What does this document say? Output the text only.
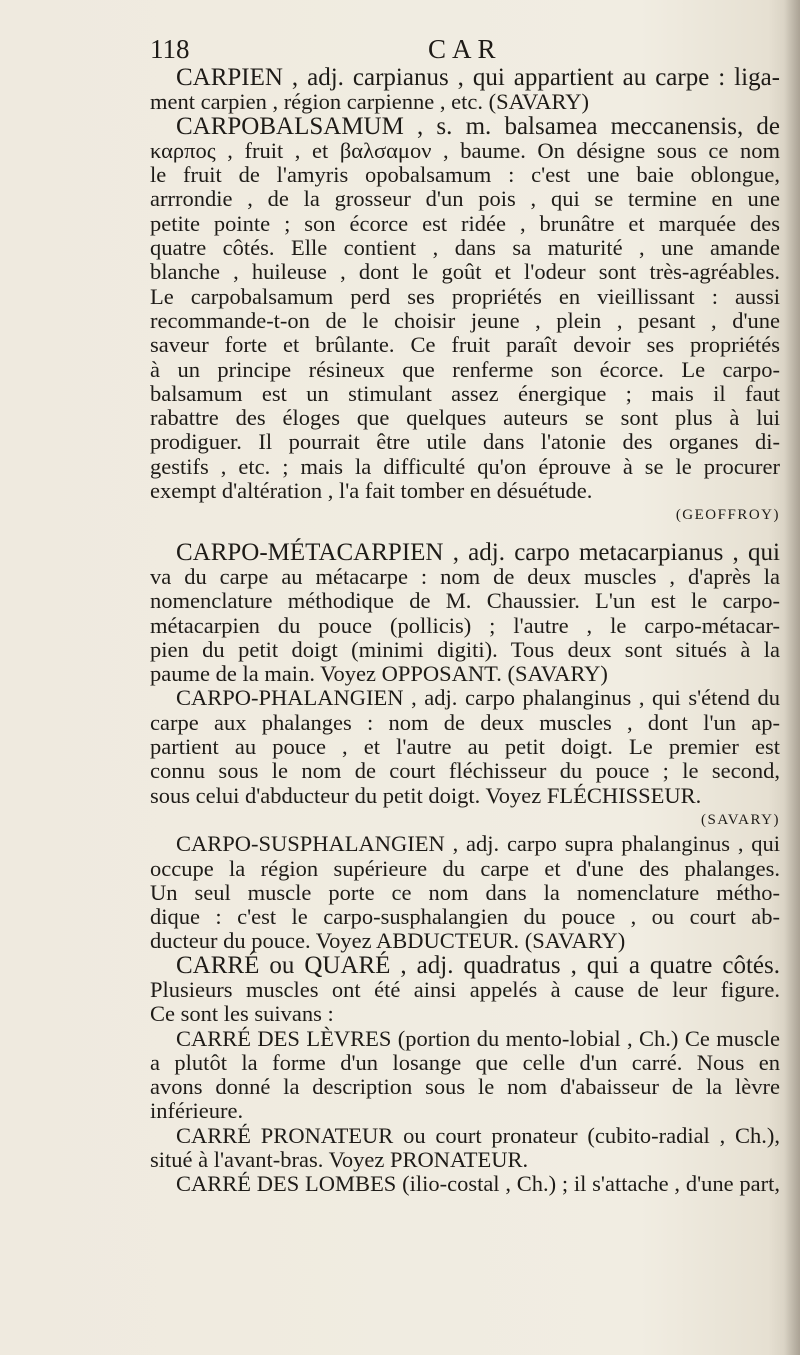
118	CAR
CARPIEN , adj. carpianus , qui appartient au carpe : liga-
ment carpien , région carpienne , etc. (SAVARY)
CARPOBALSAMUM , s. m. balsamea meccanensis, de
καρπος , fruit , et βαλσαμον , baume. On désigne sous ce nom
le fruit de l'amyris opobalsamum : c'est une baie oblongue,
arrrondie , de la grosseur d'un pois , qui se termine en une
petite pointe ; son écorce est ridée , brunâtre et marquée des
quatre côtés. Elle contient , dans sa maturité , une amande
blanche , huileuse , dont le goût et l'odeur sont très-agréables.
Le carpobalsamum perd ses propriétés en vieillissant : aussi
recommande-t-on de le choisir jeune , plein , pesant , d'une
saveur forte et brûlante. Ce fruit paraît devoir ses propriétés
à un principe résineux que renferme son écorce. Le carpo-
balsamum est un stimulant assez énergique ; mais il faut
rabattre des éloges que quelques auteurs se sont plus à lui
prodiguer. Il pourrait être utile dans l'atonie des organes di-
gestifs , etc. ; mais la difficulté qu'on éprouve à se le procurer
exempt d'altération , l'a fait tomber en désuétude.
(GEOFFROY)
CARPO-MÉTACARPIEN , adj. carpo metacarpianus , qui
va du carpe au métacarpe : nom de deux muscles , d'après la
nomenclature méthodique de M. Chaussier. L'un est le carpo-
métacarpien du pouce (pollicis) ; l'autre , le carpo-métacar-
pien du petit doigt (minimi digiti). Tous deux sont situés à la
paume de la main. Voyez OPPOSANT. (SAVARY)
CARPO-PHALANGIEN , adj. carpo phalanginus , qui s'étend du
carpe aux phalanges : nom de deux muscles , dont l'un ap-
partient au pouce , et l'autre au petit doigt. Le premier est
connu sous le nom de court fléchisseur du pouce ; le second,
sous celui d'abducteur du petit doigt. Voyez FLÉCHISSEUR.
(SAVARY)
CARPO-SUSPHALANGIEN , adj. carpo supra phalanginus , qui
occupe la région supérieure du carpe et d'une des phalanges.
Un seul muscle porte ce nom dans la nomenclature métho-
dique : c'est le carpo-susphalangien du pouce , ou court ab-
ducteur du pouce. Voyez ABDUCTEUR. (SAVARY)
CARRÉ ou QUARÉ , adj. quadratus , qui a quatre côtés.
Plusieurs muscles ont été ainsi appelés à cause de leur figure.
Ce sont les suivans :
CARRÉ DES LÈVRES (portion du mento-lobial , Ch.) Ce muscle
a plutôt la forme d'un losange que celle d'un carré. Nous en
avons donné la description sous le nom d'abaisseur de la lèvre
inférieure.
CARRÉ PRONATEUR ou court pronateur (cubito-radial , Ch.),
situé à l'avant-bras. Voyez PRONATEUR.
CARRÉ DES LOMBES (ilio-costal , Ch.) ; il s'attache , d'une part,
